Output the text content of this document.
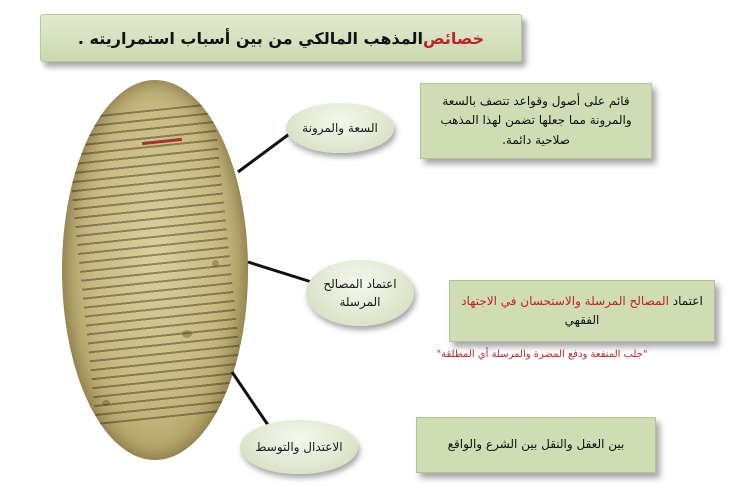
خصائص
المذهب المالكي من بين أسباب استمراريته .
السعة والمرونة
اعتماد المصالح المرسلة
الاعتدال والتوسط
قائم على أصول وقواعد تتصف بالسعة والمرونة مما جعلها تضمن لهذا المذهب صلاحية دائمة.
اعتماد المصالح المرسلة والاستحسان في الاجتهاد الفقهي
"جلب المنفعة ودفع المضرة والمرسلة أي المطلقة"
بين العقل والنقل بين الشرع والواقع
